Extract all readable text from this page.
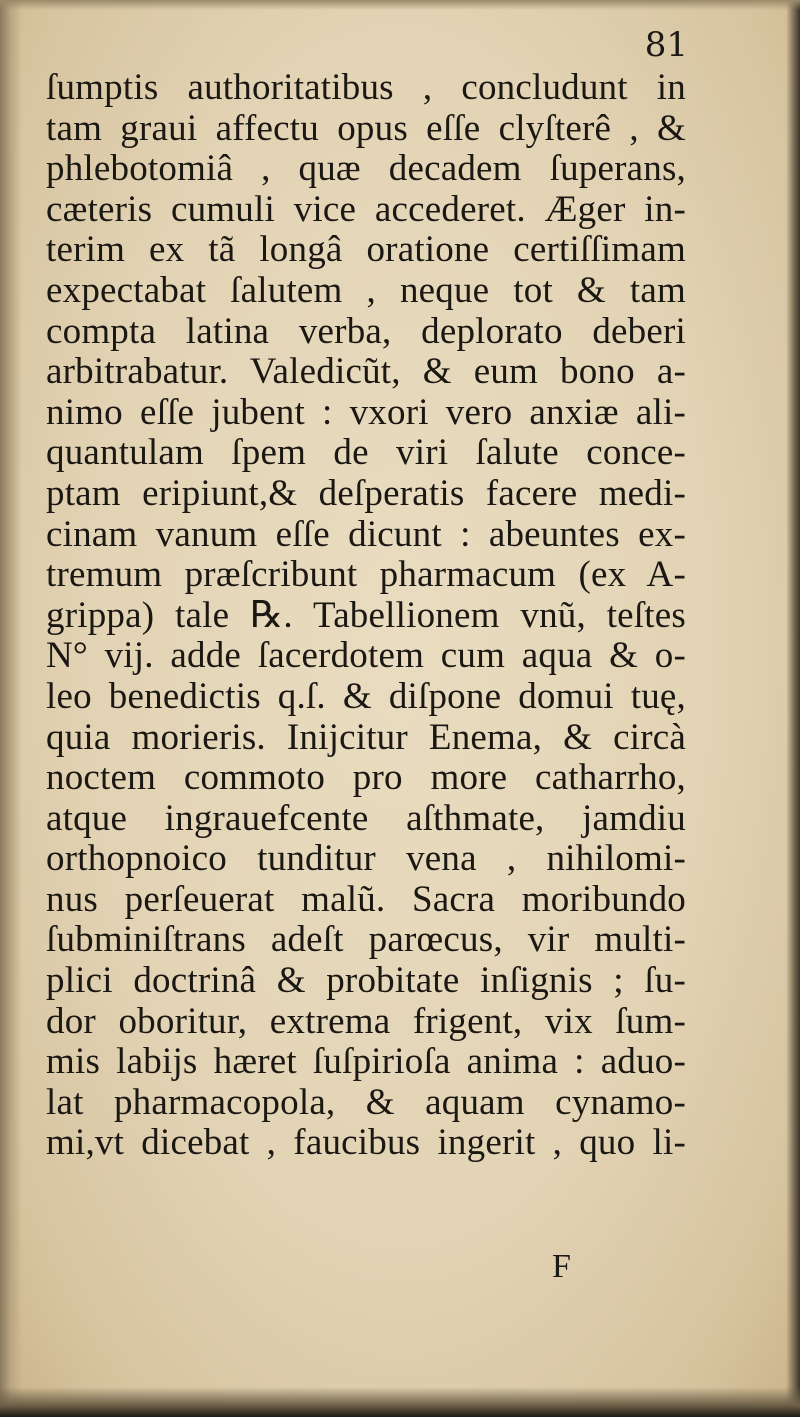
81
ſumptis authoritatibus , concludunt in
tam graui affectu opus eſſe clyſterê , &
phlebotomiâ , quæ decadem ſuperans,
cæteris cumuli vice accederet. Æger in-
terim ex tã longâ oratione certiſſimam
expectabat ſalutem , neque tot & tam
compta latina verba, deplorato deberi
arbitrabatur. Valedicũt, & eum bono a-
nimo eſſe jubent : vxori vero anxiæ ali-
quantulam ſpem de viri ſalute conce-
ptam eripiunt,& deſperatis facere medi-
cinam vanum eſſe dicunt : abeuntes ex-
tremum præſcribunt pharmacum (ex A-
grippa) tale ℞. Tabellionem vnũ, teſtes
N° vij. adde ſacerdotem cum aqua & o-
leo benedictis q.ſ. & diſpone domui tuę,
quia morieris. Inijcitur Enema, & circà
noctem commoto pro more catharrho,
atque ingrauefcente aſthmate, jamdiu
orthopnoico tunditur vena , nihilomi-
nus perſeuerat malũ. Sacra moribundo
ſubminiſtrans adeſt parœcus, vir multi-
plici doctrinâ & probitate inſignis ; ſu-
dor oboritur, extrema frigent, vix ſum-
mis labijs hæret ſuſpirioſa anima : aduo-
lat pharmacopola, & aquam cynamo-
mi,vt dicebat , faucibus ingerit , quo li-
F
